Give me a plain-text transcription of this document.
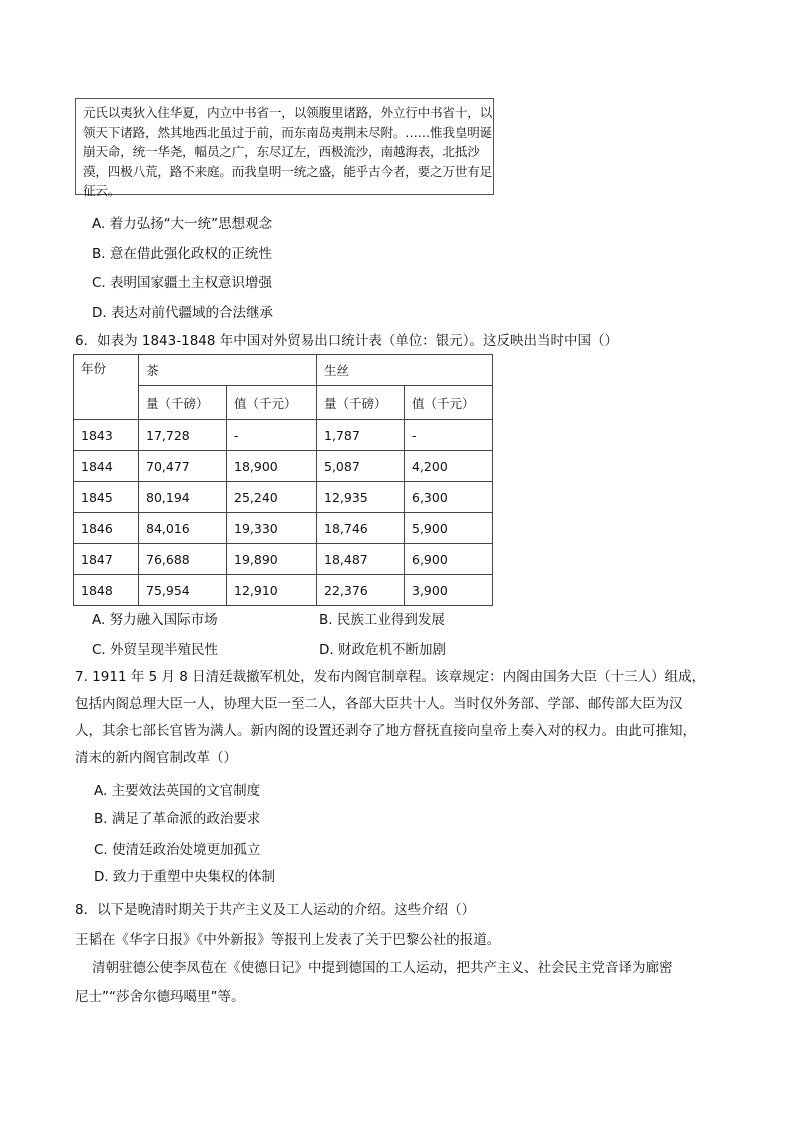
元氏以夷狄入住华夏，内立中书省一，以领腹里诸路，外立行中书省十，以
领天下诸路，然其地西北虽过于前，而东南岛夷荆未尽附。……惟我皇明诞
崩天命，统一华尧，幅员之广，东尽辽左，西极流沙，南越海表，北抵沙
漠，四极八荒，路不来庭。而我皇明一统之盛，能乎古今者，要之万世有足
征云。
A. 着力弘扬“大一统”思想观念
B. 意在借此强化政权的正统性
C. 表明国家疆土主权意识增强
D. 表达对前代疆域的合法继承
6．如表为 1843-1848 年中国对外贸易出口统计表（单位：银元）。这反映出当时中国（）
年份	茶		生丝	
	量（千磅）	值（千元）	量（千磅）	值（千元）
1843	17,728	-	1,787	-
1844	70,477	18,900	5,087	4,200
1845	80,194	25,240	12,935	6,300
1846	84,016	19,330	18,746	5,900
1847	76,688	19,890	18,487	6,900
1848	75,954	12,910	22,376	3,900
A. 努力融入国际市场	B. 民族工业得到发展
C. 外贸呈现半殖民性	D. 财政危机不断加剧
7. 1911 年 5 月 8 日清廷裁撤军机处，发布内阁官制章程。该章规定：内阁由国务大臣（十三人）组成，
包括内阁总理大臣一人，协理大臣一至二人，各部大臣共十人。当时仅外务部、学部、邮传部大臣为汉
人，其余七部长官皆为满人。新内阁的设置还剥夺了地方督抚直接向皇帝上奏入对的权力。由此可推知，
清末的新内阁官制改革（）
A. 主要效法英国的文官制度
B. 满足了革命派的政治要求
C. 使清廷政治处境更加孤立
D. 致力于重塑中央集权的体制
8．以下是晚清时期关于共产主义及工人运动的介绍。这些介绍（）
王韬在《华字日报》《中外新报》等报刊上发表了关于巴黎公社的报道。
清朝驻德公使李凤苞在《使德日记》中提到德国的工人运动，把共产主义、社会民主党音译为廊密
尼士”“莎舍尔德玛噶里”等。
